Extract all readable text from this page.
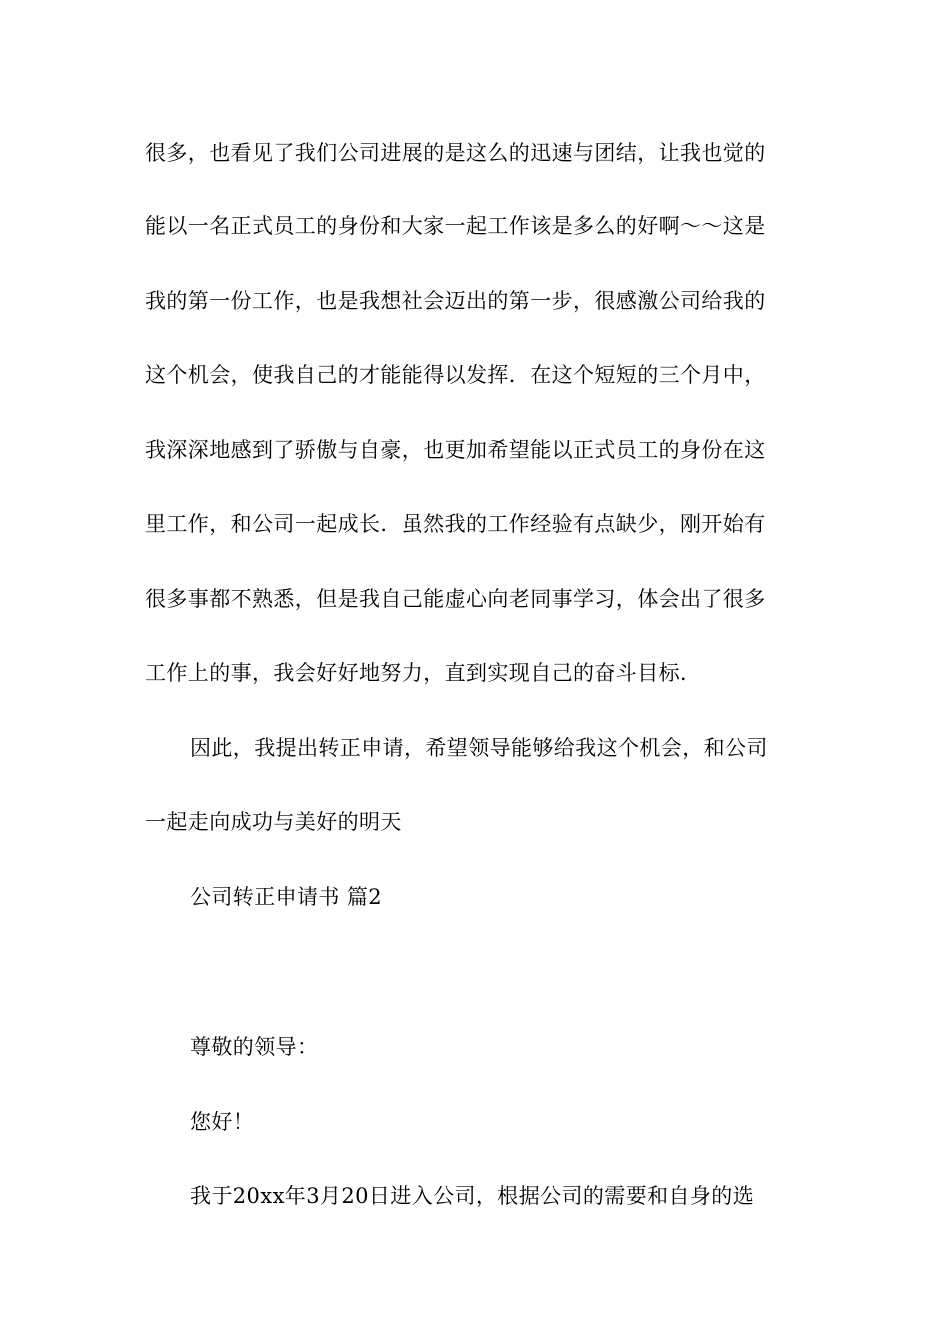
很多，也看见了我们公司进展的是这么的迅速与团结，让我也觉的
能以一名正式员工的身份和大家一起工作该是多么的好啊～～这是
我的第一份工作，也是我想社会迈出的第一步，很感激公司给我的
这个机会，使我自己的才能能得以发挥．在这个短短的三个月中，
我深深地感到了骄傲与自豪，也更加希望能以正式员工的身份在这
里工作，和公司一起成长．虽然我的工作经验有点缺少，刚开始有
很多事都不熟悉，但是我自己能虚心向老同事学习，体会出了很多
工作上的事，我会好好地努力，直到实现自己的奋斗目标．
因此，我提出转正申请，希望领导能够给我这个机会，和公司
一起走向成功与美好的明天
公司转正申请书 篇2
尊敬的领导：
您好！
我于20xx年3月20日进入公司，根据公司的需要和自身的选
